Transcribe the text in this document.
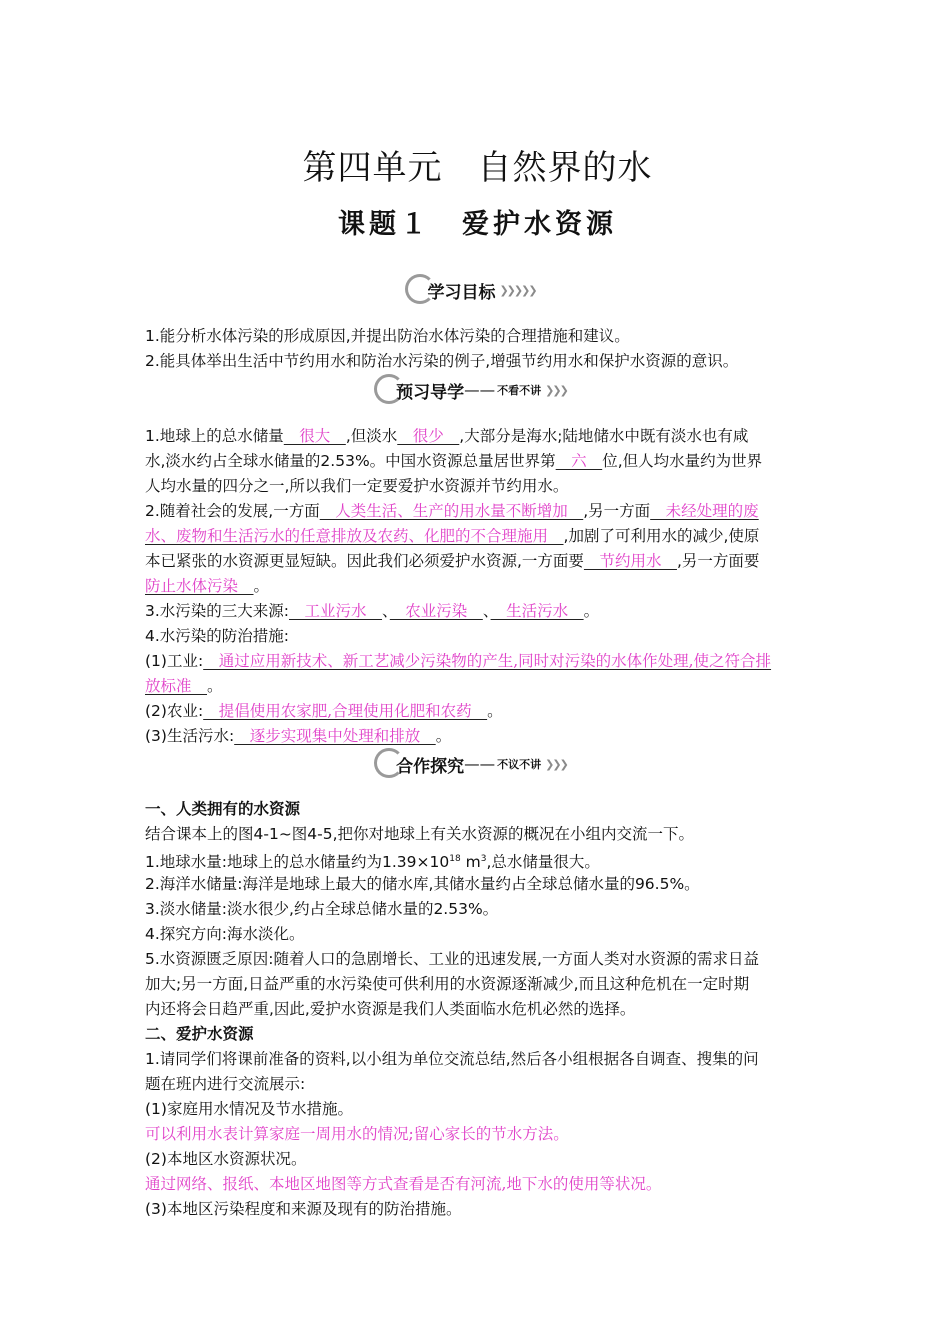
第四单元　自然界的水
课题１　爱护水资源
学习目标 ❯❯❯❯❯
1.能分析水体污染的形成原因,并提出防治水体污染的合理措施和建议。
2.能具体举出生活中节约用水和防治水污染的例子,增强节约用水和保护水资源的意识。
预习导学 —— 不看不讲 ❯❯❯
1.地球上的总水储量　很大　,但淡水　很少　,大部分是海水;陆地储水中既有淡水也有咸
水,淡水约占全球水储量的2.53%。中国水资源总量居世界第　六　位,但人均水量约为世界
人均水量的四分之一,所以我们一定要爱护水资源并节约用水。
2.随着社会的发展,一方面　人类生活、生产的用水量不断增加　,另一方面　未经处理的废
水、废物和生活污水的任意排放及农药、化肥的不合理施用　,加剧了可利用水的减少,使原
本已紧张的水资源更显短缺。因此我们必须爱护水资源,一方面要　节约用水　,另一方面要
防止水体污染　。
3.水污染的三大来源:　工业污水　、　农业污染　、　生活污水　。
4.水污染的防治措施:
(1)工业:　通过应用新技术、新工艺减少污染物的产生,同时对污染的水体作处理,使之符合排
放标准　。
(2)农业:　提倡使用农家肥,合理使用化肥和农药　。
(3)生活污水:　逐步实现集中处理和排放　。
合作探究 —— 不议不讲 ❯❯❯
一、人类拥有的水资源
结合课本上的图4-1~图4-5,把你对地球上有关水资源的概况在小组内交流一下。
1.地球水量:地球上的总水储量约为$1.39\times 10^{18}$ $m^3$,总水储量很大。
2.海洋水储量:海洋是地球上最大的储水库,其储水量约占全球总储水量的96.5%。
3.淡水储量:淡水很少,约占全球总储水量的2.53%。
4.探究方向:海水淡化。
5.水资源匮乏原因:随着人口的急剧增长、工业的迅速发展,一方面人类对水资源的需求日益
加大;另一方面,日益严重的水污染使可供利用的水资源逐渐减少,而且这种危机在一定时期
内还将会日趋严重,因此,爱护水资源是我们人类面临水危机必然的选择。
二、爱护水资源
1.请同学们将课前准备的资料,以小组为单位交流总结,然后各小组根据各自调查、搜集的问
题在班内进行交流展示:
(1)家庭用水情况及节水措施。
可以利用水表计算家庭一周用水的情况;留心家长的节水方法。
(2)本地区水资源状况。
通过网络、报纸、本地区地图等方式查看是否有河流,地下水的使用等状况。
(3)本地区污染程度和来源及现有的防治措施。
